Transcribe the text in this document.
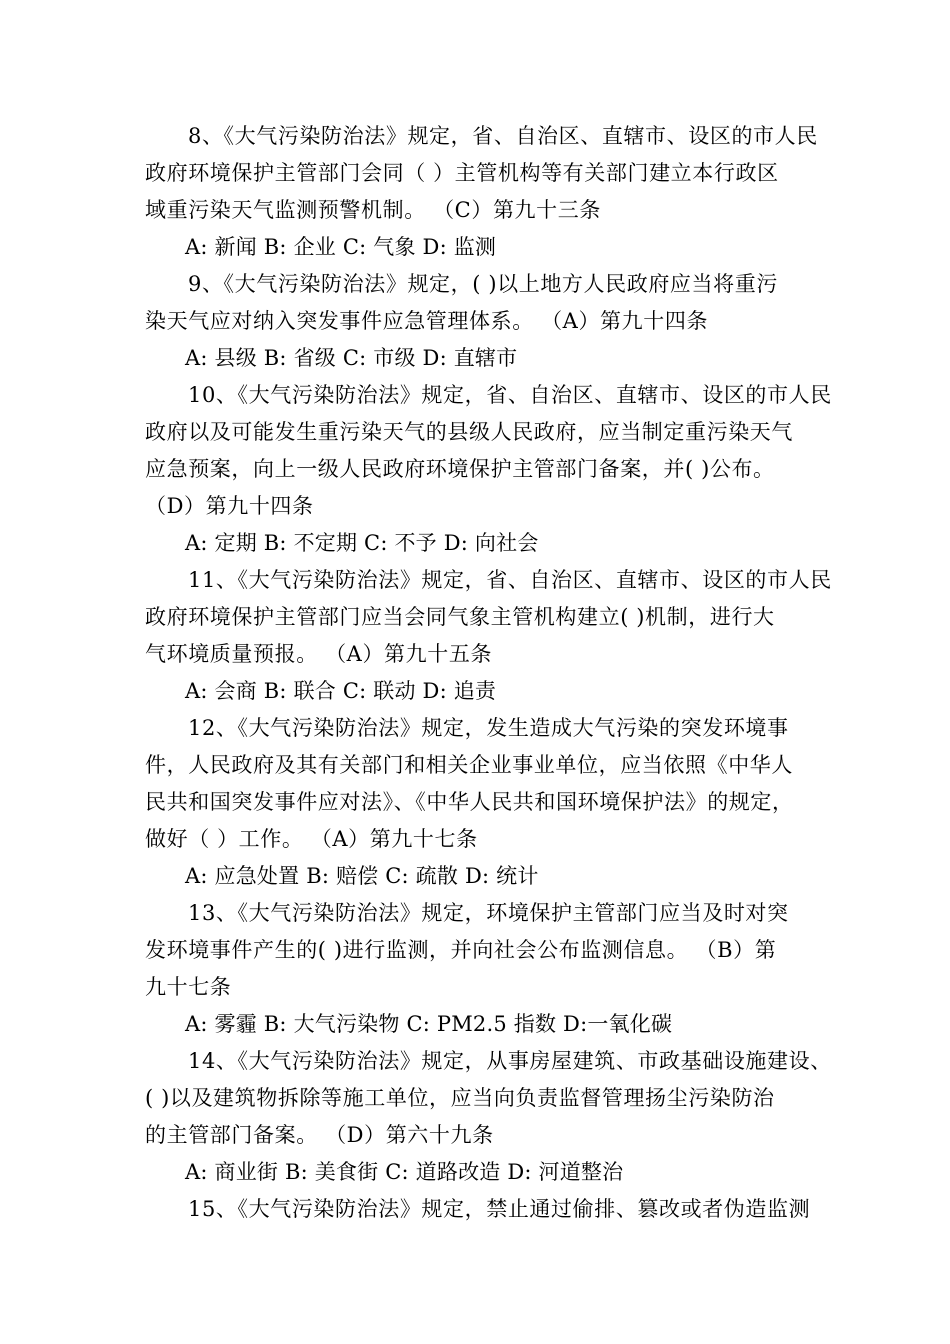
8、《大气污染防治法》规定，省、自治区、直辖市、设区的市人民
政府环境保护主管部门会同（ ）主管机构等有关部门建立本行政区
域重污染天气监测预警机制。 （C）第九十三条
A: 新闻 B: 企业 C: 气象 D: 监测
9、《大气污染防治法》规定，( )以上地方人民政府应当将重污
染天气应对纳入突发事件应急管理体系。 （A）第九十四条
A: 县级 B: 省级 C: 市级 D: 直辖市
10、《大气污染防治法》规定，省、自治区、直辖市、设区的市人民
政府以及可能发生重污染天气的县级人民政府，应当制定重污染天气
应急预案，向上一级人民政府环境保护主管部门备案，并( )公布。
（D）第九十四条
A: 定期 B: 不定期 C: 不予 D: 向社会
11、《大气污染防治法》规定，省、自治区、直辖市、设区的市人民
政府环境保护主管部门应当会同气象主管机构建立( )机制，进行大
气环境质量预报。 （A）第九十五条
A: 会商 B: 联合 C: 联动 D: 追责
12、《大气污染防治法》规定，发生造成大气污染的突发环境事
件，人民政府及其有关部门和相关企业事业单位，应当依照《中华人
民共和国突发事件应对法》、《中华人民共和国环境保护法》的规定，
做好（ ）工作。 （A）第九十七条
A: 应急处置 B: 赔偿 C: 疏散 D: 统计
13、《大气污染防治法》规定，环境保护主管部门应当及时对突
发环境事件产生的( )进行监测，并向社会公布监测信息。 （B）第
九十七条
A: 雾霾 B: 大气污染物 C: PM2.5 指数 D:一氧化碳
14、《大气污染防治法》规定，从事房屋建筑、市政基础设施建设、
( )以及建筑物拆除等施工单位，应当向负责监督管理扬尘污染防治
的主管部门备案。 （D）第六十九条
A: 商业街 B: 美食街 C: 道路改造 D: 河道整治
15、《大气污染防治法》规定，禁止通过偷排、篡改或者伪造监测
